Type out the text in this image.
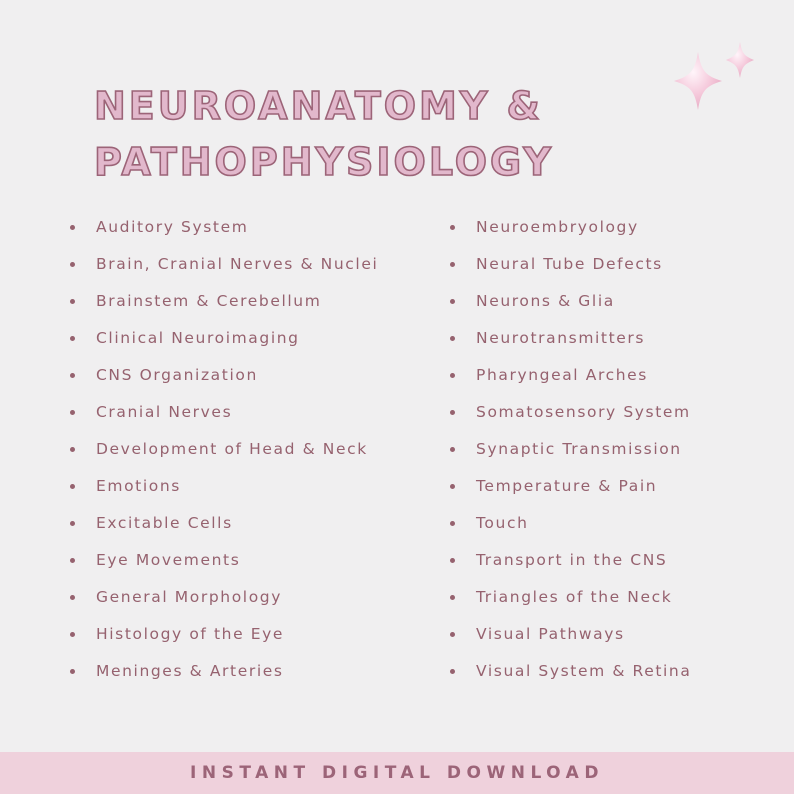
NEUROANATOMY &
PATHOPHYSIOLOGY
Auditory System
Brain, Cranial Nerves & Nuclei
Brainstem & Cerebellum
Clinical Neuroimaging
CNS Organization
Cranial Nerves
Development of Head & Neck
Emotions
Excitable Cells
Eye Movements
General Morphology
Histology of the Eye
Meninges & Arteries
Neuroembryology
Neural Tube Defects
Neurons & Glia
Neurotransmitters
Pharyngeal Arches
Somatosensory System
Synaptic Transmission
Temperature & Pain
Touch
Transport in the CNS
Triangles of the Neck
Visual Pathways
Visual System & Retina
INSTANT DIGITAL DOWNLOAD
